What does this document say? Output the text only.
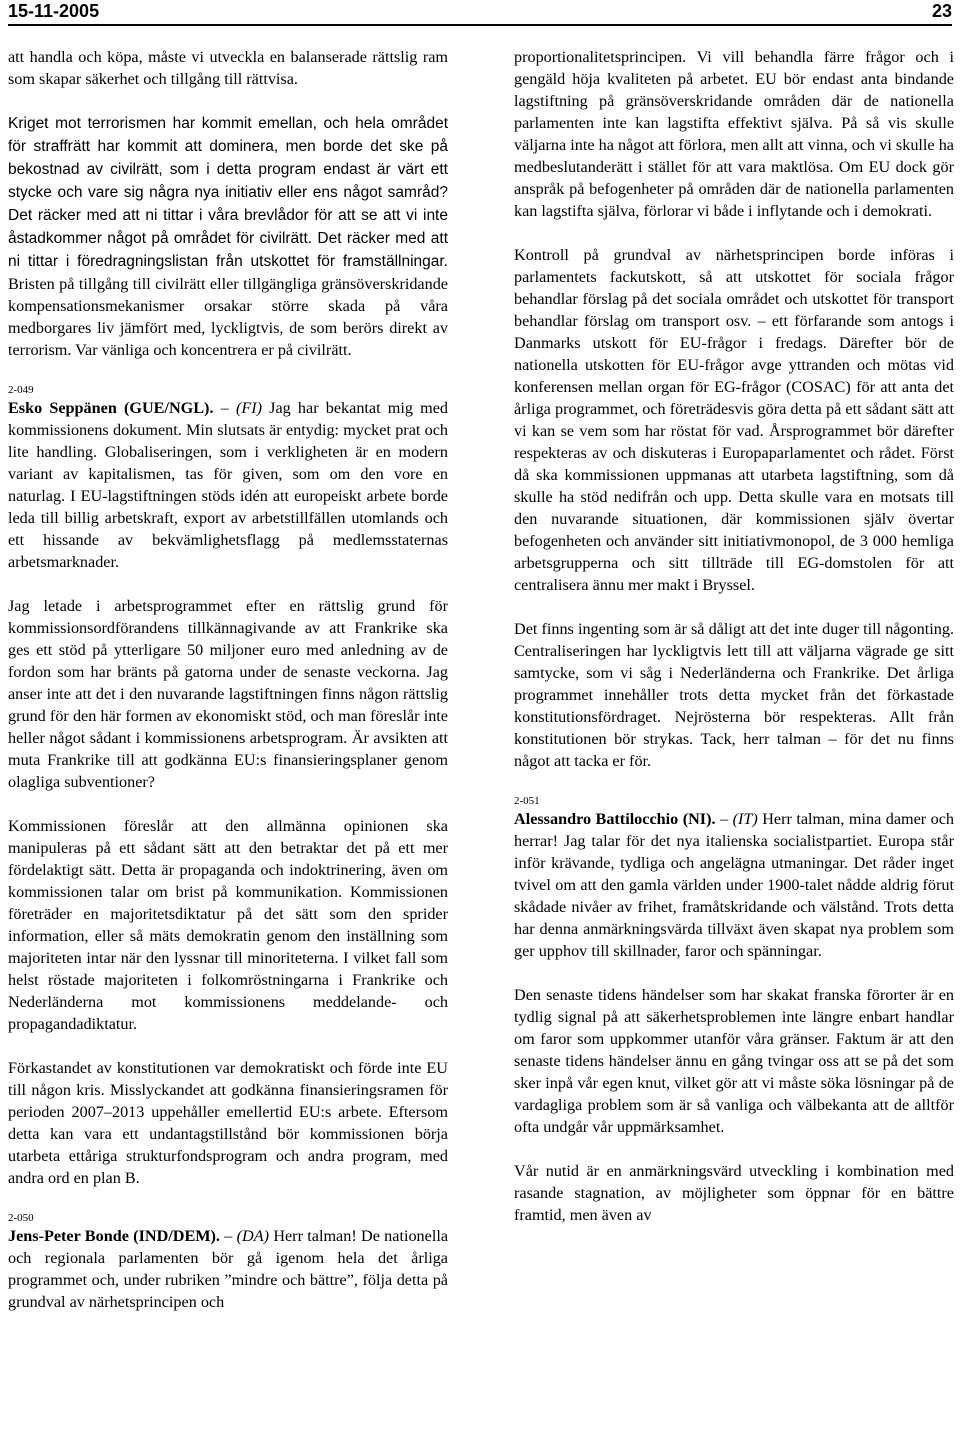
15-11-2005	23

att handla och köpa, måste vi utveckla en balanserade rättslig ram som skapar säkerhet och tillgång till rättvisa.

Kriget mot terrorismen har kommit emellan, och hela området för straffrätt har kommit att dominera, men borde det ske på bekostnad av civilrätt, som i detta program endast är värt ett stycke och vare sig några nya initiativ eller ens något samråd? Det räcker med att ni tittar i våra brevlådor för att se att vi inte åstadkommer något på området för civilrätt. Det räcker med att ni tittar i föredragningslistan från utskottet för framställningar. Bristen på tillgång till civilrätt eller tillgängliga gränsöverskridande kompensationsmekanismer orsakar större skada på våra medborgares liv jämfört med, lyckligtvis, de som berörs direkt av terrorism. Var vänliga och koncentrera er på civilrätt.

2-049

Esko Seppänen (GUE/NGL). – (FI) Jag har bekantat mig med kommissionens dokument. Min slutsats är entydig: mycket prat och lite handling. Globaliseringen, som i verkligheten är en modern variant av kapitalismen, tas för given, som om den vore en naturlag. I EU-lagstiftningen stöds idén att europeiskt arbete borde leda till billig arbetskraft, export av arbetstillfällen utomlands och ett hissande av bekvämlighetsflagg på medlemsstaternas arbetsmarknader.

Jag letade i arbetsprogrammet efter en rättslig grund för kommissionsordförandens tillkännagivande av att Frankrike ska ges ett stöd på ytterligare 50 miljoner euro med anledning av de fordon som har bränts på gatorna under de senaste veckorna. Jag anser inte att det i den nuvarande lagstiftningen finns någon rättslig grund för den här formen av ekonomiskt stöd, och man föreslår inte heller något sådant i kommissionens arbetsprogram. Är avsikten att muta Frankrike till att godkänna EU:s finansieringsplaner genom olagliga subventioner?

Kommissionen föreslår att den allmänna opinionen ska manipuleras på ett sådant sätt att den betraktar det på ett mer fördelaktigt sätt. Detta är propaganda och indoktrinering, även om kommissionen talar om brist på kommunikation. Kommissionen företräder en majoritetsdiktatur på det sätt som den sprider information, eller så mäts demokratin genom den inställning som majoriteten intar när den lyssnar till minoriteterna. I vilket fall som helst röstade majoriteten i folkomröstningarna i Frankrike och Nederländerna mot kommissionens meddelande- och propagandadiktatur.

Förkastandet av konstitutionen var demokratiskt och förde inte EU till någon kris. Misslyckandet att godkänna finansieringsramen för perioden 2007–2013 uppehåller emellertid EU:s arbete. Eftersom detta kan vara ett undantagstillstånd bör kommissionen börja utarbeta ettåriga strukturfondsprogram och andra program, med andra ord en plan B.

2-050

Jens-Peter Bonde (IND/DEM). – (DA) Herr talman! De nationella och regionala parlamenten bör gå igenom hela det årliga programmet och, under rubriken ”mindre och bättre”, följa detta på grundval av närhetsprincipen och

proportionalitetsprincipen. Vi vill behandla färre frågor och i gengäld höja kvaliteten på arbetet. EU bör endast anta bindande lagstiftning på gränsöverskridande områden där de nationella parlamenten inte kan lagstifta effektivt själva. På så vis skulle väljarna inte ha något att förlora, men allt att vinna, och vi skulle ha medbeslutanderätt i stället för att vara maktlösa. Om EU dock gör anspråk på befogenheter på områden där de nationella parlamenten kan lagstifta själva, förlorar vi både i inflytande och i demokrati.

Kontroll på grundval av närhetsprincipen borde införas i parlamentets fackutskott, så att utskottet för sociala frågor behandlar förslag på det sociala området och utskottet för transport behandlar förslag om transport osv. – ett förfarande som antogs i Danmarks utskott för EU-frågor i fredags. Därefter bör de nationella utskotten för EU-frågor avge yttranden och mötas vid konferensen mellan organ för EG-frågor (COSAC) för att anta det årliga programmet, och företrädesvis göra detta på ett sådant sätt att vi kan se vem som har röstat för vad. Årsprogrammet bör därefter respekteras av och diskuteras i Europaparlamentet och rådet. Först då ska kommissionen uppmanas att utarbeta lagstiftning, som då skulle ha stöd nedifrån och upp. Detta skulle vara en motsats till den nuvarande situationen, där kommissionen själv övertar befogenheten och använder sitt initiativmonopol, de 3 000 hemliga arbetsgrupperna och sitt tillträde till EG-domstolen för att centralisera ännu mer makt i Bryssel.

Det finns ingenting som är så dåligt att det inte duger till någonting. Centraliseringen har lyckligtvis lett till att väljarna vägrade ge sitt samtycke, som vi såg i Nederländerna och Frankrike. Det årliga programmet innehåller trots detta mycket från det förkastade konstitutionsfördraget. Nejrösterna bör respekteras. Allt från konstitutionen bör strykas. Tack, herr talman – för det nu finns något att tacka er för.

2-051

Alessandro Battilocchio (NI). – (IT) Herr talman, mina damer och herrar! Jag talar för det nya italienska socialistpartiet. Europa står inför krävande, tydliga och angelägna utmaningar. Det råder inget tvivel om att den gamla världen under 1900-talet nådde aldrig förut skådade nivåer av frihet, framåtskridande och välstånd. Trots detta har denna anmärkningsvärda tillväxt även skapat nya problem som ger upphov till skillnader, faror och spänningar.

Den senaste tidens händelser som har skakat franska förorter är en tydlig signal på att säkerhetsproblemen inte längre enbart handlar om faror som uppkommer utanför våra gränser. Faktum är att den senaste tidens händelser ännu en gång tvingar oss att se på det som sker inpå vår egen knut, vilket gör att vi måste söka lösningar på de vardagliga problem som är så vanliga och välbekanta att de alltför ofta undgår vår uppmärksamhet.

Vår nutid är en anmärkningsvärd utveckling i kombination med rasande stagnation, av möjligheter som öppnar för en bättre framtid, men även av
